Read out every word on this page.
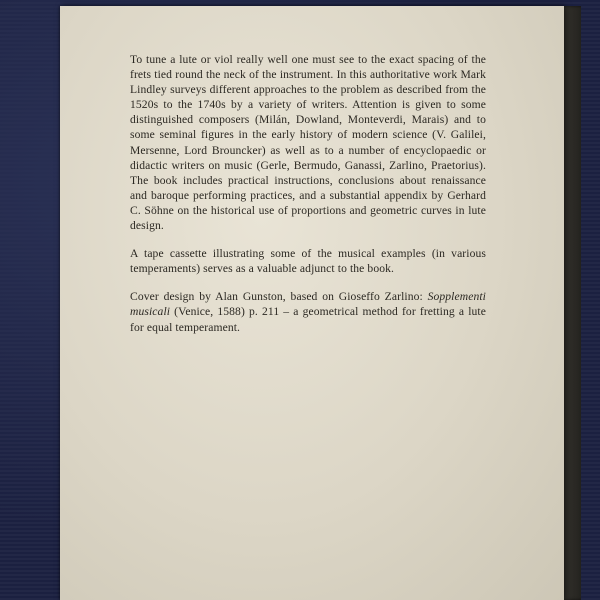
To tune a lute or viol really well one must see to the exact spacing of the frets tied round the neck of the instrument. In this authoritative work Mark Lindley surveys different approaches to the problem as described from the 1520s to the 1740s by a variety of writers. Attention is given to some distinguished composers (Milán, Dowland, Monteverdi, Marais) and to some seminal figures in the early history of modern science (V. Galilei, Mersenne, Lord Brouncker) as well as to a number of encyclopaedic or didactic writers on music (Gerle, Bermudo, Ganassi, Zarlino, Praetorius). The book includes practical instructions, conclusions about renaissance and baroque performing practices, and a substantial appendix by Gerhard C. Söhne on the historical use of proportions and geometric curves in lute design.

A tape cassette illustrating some of the musical examples (in various temperaments) serves as a valuable adjunct to the book.

Cover design by Alan Gunston, based on Gioseffo Zarlino: Sopplementi musicali (Venice, 1588) p. 211 – a geometrical method for fretting a lute for equal temperament.
